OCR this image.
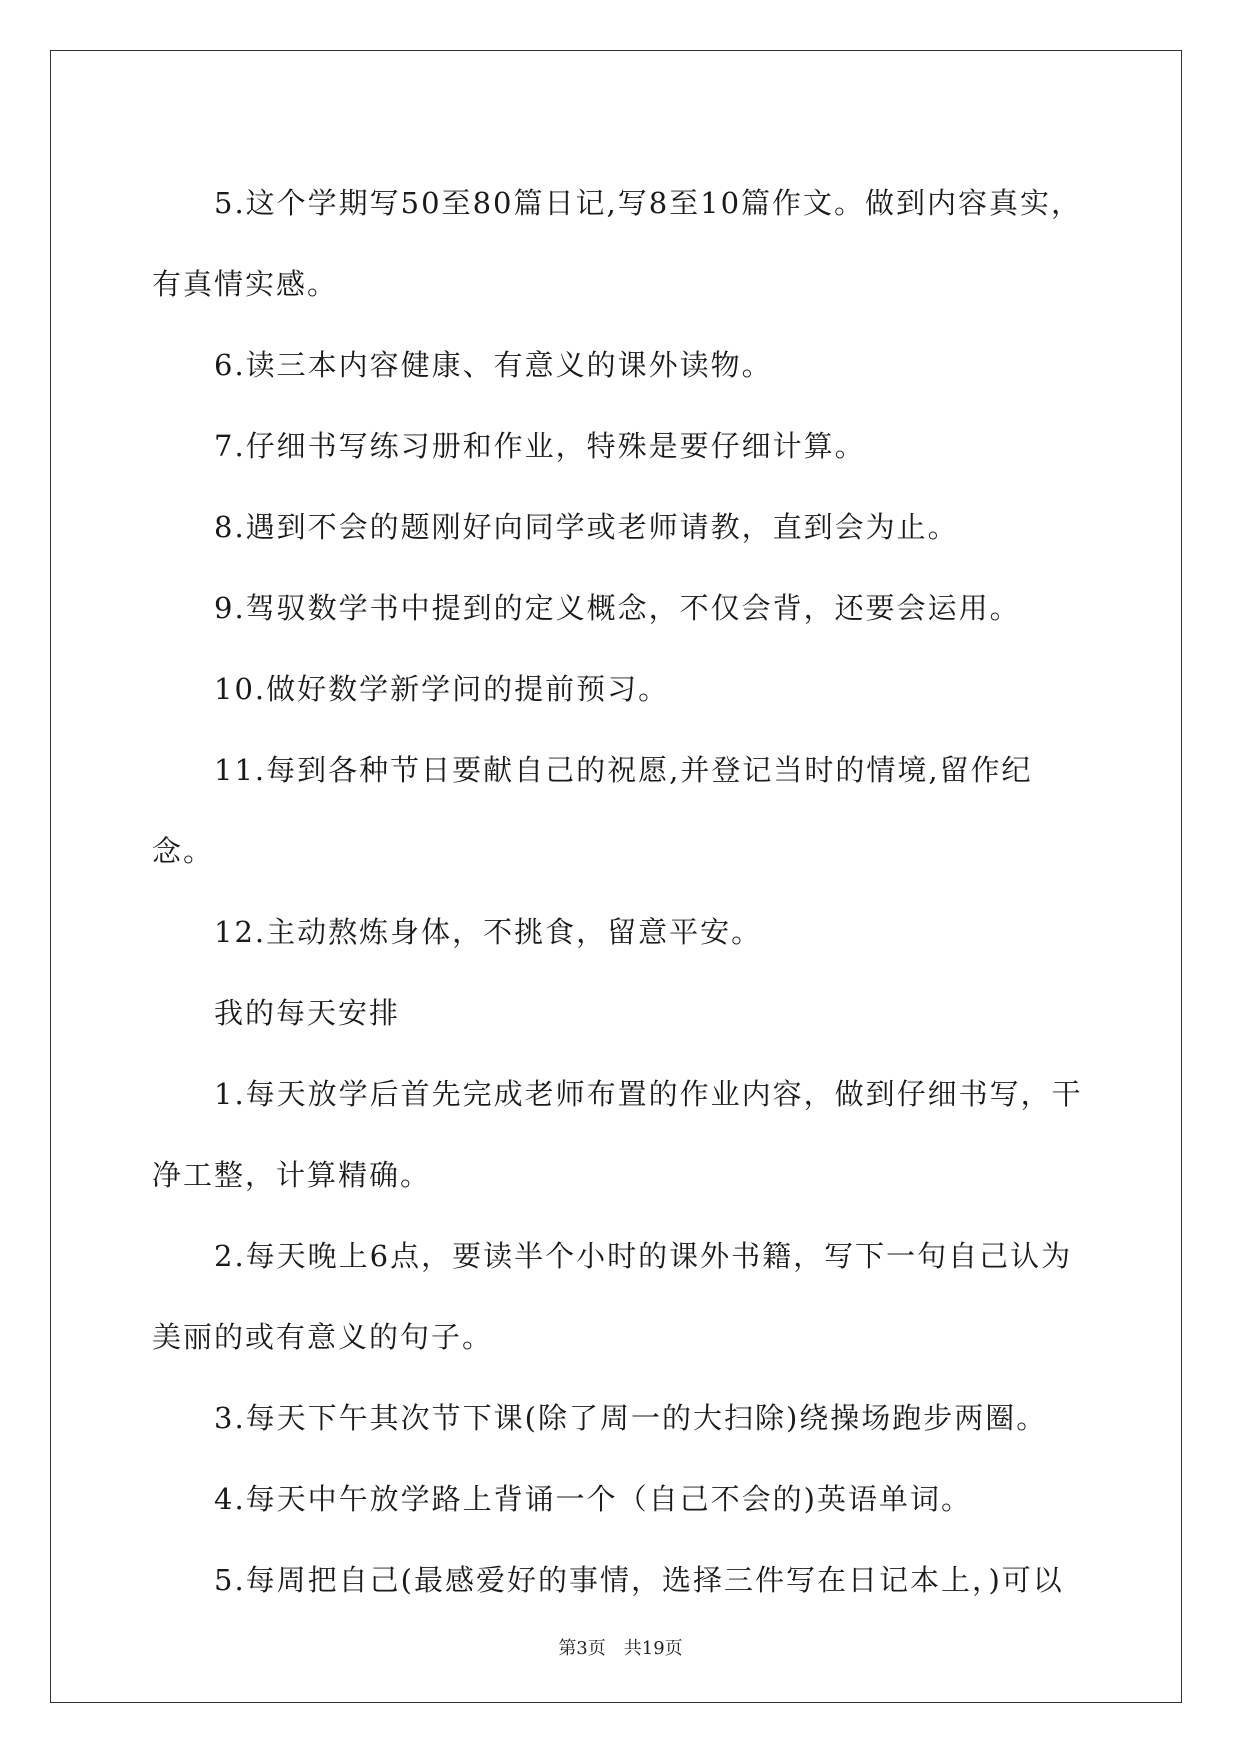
5.这个学期写50至80篇日记,写8至10篇作文。做到内容真实，有真情实感。

6.读三本内容健康、有意义的课外读物。

7.仔细书写练习册和作业，特殊是要仔细计算。

8.遇到不会的题刚好向同学或老师请教，直到会为止。

9.驾驭数学书中提到的定义概念，不仅会背，还要会运用。

10.做好数学新学问的提前预习。

11.每到各种节日要献自己的祝愿,并登记当时的情境,留作纪念。

12.主动熬炼身体，不挑食，留意平安。

我的每天安排

1.每天放学后首先完成老师布置的作业内容，做到仔细书写，干净工整，计算精确。

2.每天晚上6点，要读半个小时的课外书籍，写下一句自己认为美丽的或有意义的句子。

3.每天下午其次节下课(除了周一的大扫除)绕操场跑步两圈。

4.每天中午放学路上背诵一个（自己不会的)英语单词。

5.每周把自己(最感爱好的事情，选择三件写在日记本上，)可以

第3页　共19页
